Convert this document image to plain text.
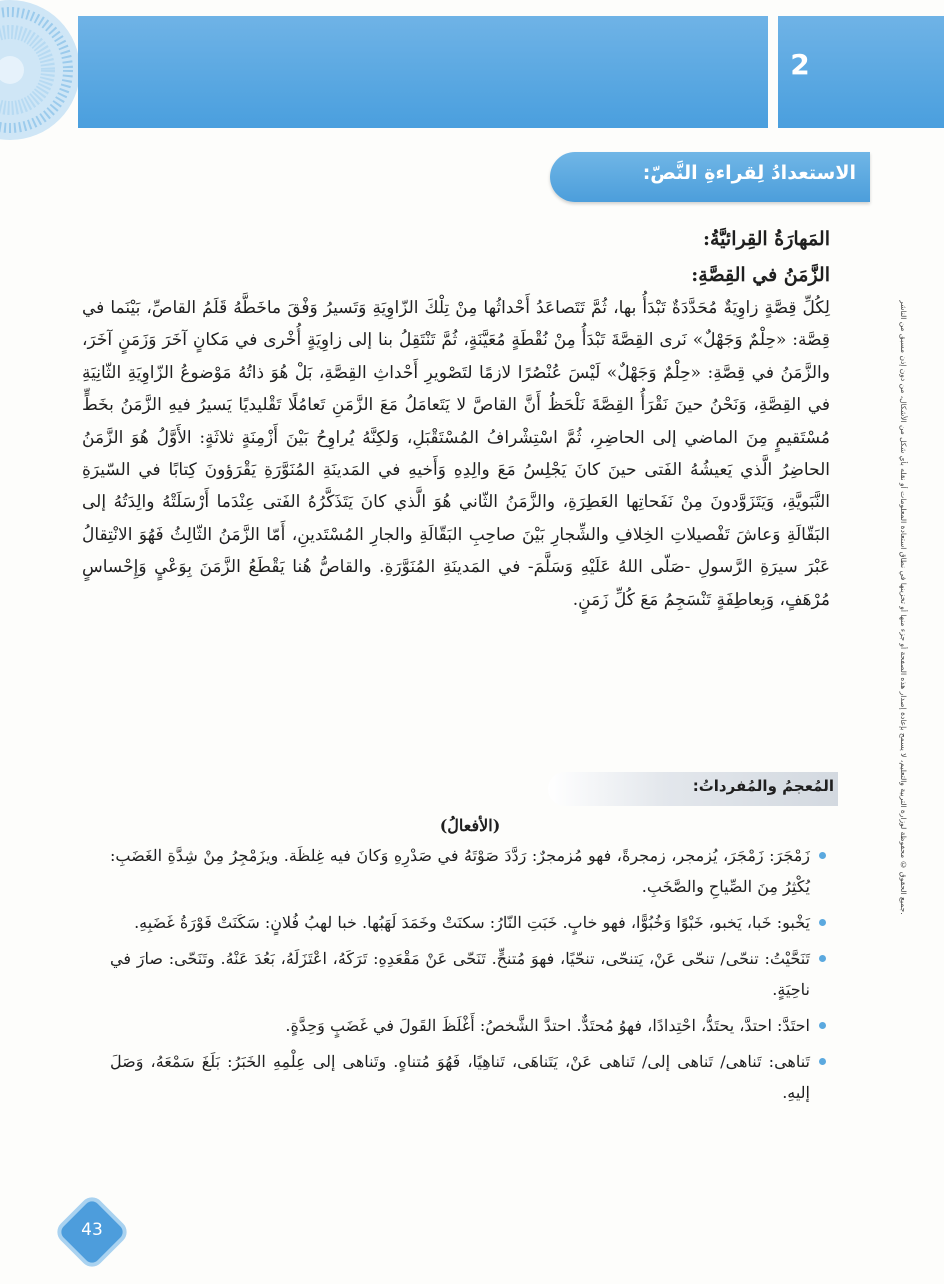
2
الاستعدادُ لِقراءةِ النَّصّ:
المَهارَةُ القِرائيَّةُ:
الزَّمَنُ في القِصَّةِ:

لِكُلِّ قِصَّةٍ زاوِيَةٌ مُحَدَّدَةٌ تَبْدَأُ بها، ثُمَّ تَتَصاعَدُ أَحْداثُها مِنْ تِلْكَ الزّاوِيَةِ وَتَسيرُ وَفْقَ ماخَطَّهُ قَلَمُ القاصِّ، بَيْنَما في قِصَّة: «حِلْمٌ وَجَهْلٌ» نَرى القِصَّةَ تَبْدَأُ مِنْ نُقْطَةٍ مُعَيَّنَةٍ، ثُمَّ تَنْتَقِلُ بنا إلى زاوِيَةٍ أُخْرى في مَكانٍ آخَرَ وَزَمَنٍ آخَرَ، والزَّمَنُ في قِصَّةِ: «حِلْمٌ وَجَهْلٌ» لَيْسَ عُنْصُرًا لازمًا لتَصْويرِ أَحْداثِ القِصَّةِ، بَلْ هُوَ ذاتُهُ مَوْضوعُ الزّاوِيَةِ الثّانِيَةِ في القِصَّةِ، وَنَحْنُ حينَ نَقْرَأُ القِصَّةَ نَلْحَظُ أَنَّ القاصَّ لا يَتَعامَلُ مَعَ الزَّمَنِ تَعامُلًا تَقْليديًا يَسيرُ فيهِ الزَّمَنُ بخَطٍّ مُسْتَقيمٍ مِنَ الماضي إلى الحاضِرِ، ثُمَّ اسْتِشْرافُ المُسْتَقْبَلِ، وَلكِنَّهُ يُراوِحُ بَيْنَ أَزْمِنَةٍ ثلاثَةٍ: الأَوَّلُ هُوَ الزَّمَنُ الحاضِرُ الَّذي يَعيشُهُ الفَتى حينَ كانَ يَجْلِسُ مَعَ والِدِهِ وَأَخيهِ في المَدينَةِ المُنَوَّرَةِ يَقْرَؤونَ كِتابًا في السّيرَةِ النَّبَويَّةِ، وَيَتَزَوَّدونَ مِنْ نَفَحاتِها العَطِرَةِ، والزَّمَنُ الثّاني هُوَ الَّذي كانَ يَتَذَكَّرُهُ الفَتى عِنْدَما أَرْسَلَتْهُ والِدَتُهُ إلى البَقّالَةِ وَعاشَ تَفْصيلاتِ الخِلافِ والشِّجارِ بَيْنَ صاحِبِ البَقّالَةِ والجارِ المُسْتَدينِ، أَمّا الزَّمَنُ الثّالِثُ فَهُوَ الانْتِقالُ عَبْرَ سيرَةِ الرَّسولِ -صَلّى اللهُ عَلَيْهِ وَسَلَّمَ- في المَدينَةِ المُنَوَّرَةِ. والقاصُّ هُنا يَقْطَعُ الزَّمَنَ بِوَعْيٍ وَإِحْساسٍ مُرْهَفٍ، وَبِعاطِفَةٍ تَنْسَجِمُ مَعَ كُلِّ زَمَنٍ.

المُعجمُ والمُفرداتُ:
(الأفعالُ)
زَمْجَرَ: زَمْجَرَ، يُزمجر، زمجرةً، فهو مُزمجرٌ: رَدَّدَ صَوْتَهُ في صَدْرِهِ وَكانَ فيه غِلظَة. ويزَمْجِرُ مِنْ شِدَّةِ الغَضَبِ: يُكْثِرُ مِنَ الصِّياحِ والصَّخَبِ.
يَخْبو: خَبا، يَخبو، خَبْوًا وَخُبُوًّا، فهو خابٍ. خَبَتِ النّارُ: سكنَتْ وخَمَدَ لَهَبُها. خبا لهبُ فُلانٍ: سَكَنَتْ فَوْرَةُ غَضَبِهِ.
تَنَحَّيْتُ: تنحّى/ تنحّى عَنْ، يَتنحّى، تنحّيًا، فهوَ مُتنحٍّ. تَنَحّى عَنْ مَقْعَدِهِ: تَرَكَهُ، اعْتَزَلَهُ، بَعُدَ عَنْهُ. وتَنَحّى: صارَ في ناحِيَةٍ.
احتَدَّ: احتدَّ، يحتَدُّ، احْتِدادًا، فهوُ مُحتَدٌّ. احتدَّ الشَّخصُ: أَغْلَظَ القَولَ في غَضَبٍ وَحِدَّةٍ.
تَناهى: تَناهى/ تَناهى إلى/ تَناهى عَنْ، يَتَناهَى، تَناهِيًا، فَهُوَ مُتناهٍ. وتَناهى إلى عِلْمِهِ الخَبَرُ: بَلَغَ سَمْعَهُ، وَصَلَ إليهِ.
جميع الحقوق © محفوظة لوزارة التربية والتعليم، لا يسمح بإعادة إصدار هذه الصفحة أو جزء منها أو تخزينها في نطاق استعادة المعلومات أو نقله بأي شكل من الأشكال، من دون إذن مسبق من الناشر.
43
